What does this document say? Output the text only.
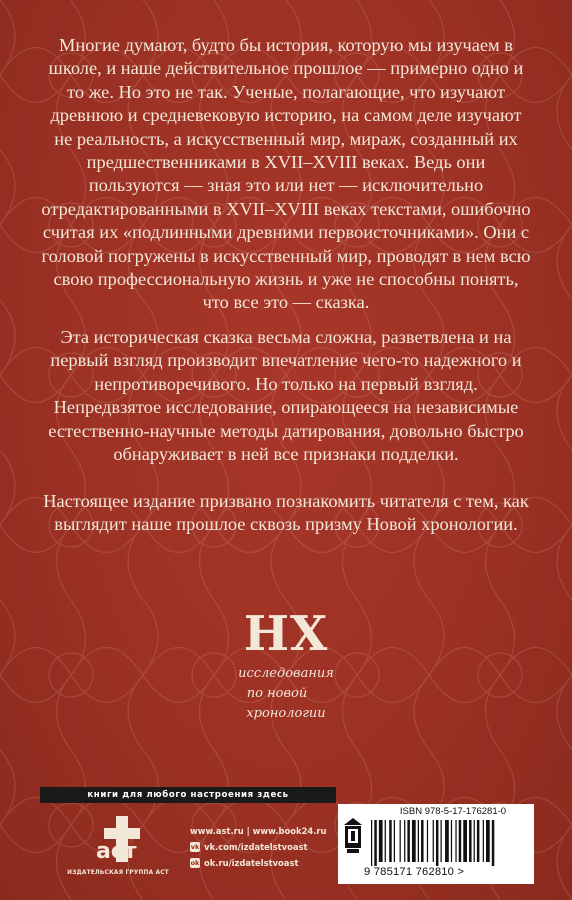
Многие думают, будто бы история, которую мы изучаем в школе, и наше действительное прошлое — примерно одно и то же. Но это не так. Ученые, полагающие, что изучают древнюю и средневековую историю, на самом деле изучают не реальность, а искусственный мир, мираж, созданный их предшественниками в XVII–XVIII веках. Ведь они пользуются — зная это или нет — исключительно отредактированными в XVII–XVIII веках текстами, ошибочно считая их «подлинными древними первоисточниками». Они с головой погружены в искусственный мир, проводят в нем всю свою профессиональную жизнь и уже не способны понять, что все это — сказка.

Эта историческая сказка весьма сложна, разветвлена и на первый взгляд производит впечатление чего-то надежного и непротиворечивого. Но только на первый взгляд. Непредвзятое исследование, опирающееся на независимые естественно-научные методы датирования, довольно быстро обнаруживает в ней все признаки подделки.

Настоящее издание призвано познакомить читателя с тем, как выглядит наше прошлое сквозь призму Новой хронологии.

НХ
исследования
по новой
хронологии
книги для любого настроения здесь
аст
ИЗДАТЕЛЬСКАЯ ГРУППА АСТ
www.ast.ru | www.book24.ru
vk vk.com/izdatelstvoast
ok ok.ru/izdatelstvoast
ISBN 978-5-17-176281-0
9 785171 762810 >
